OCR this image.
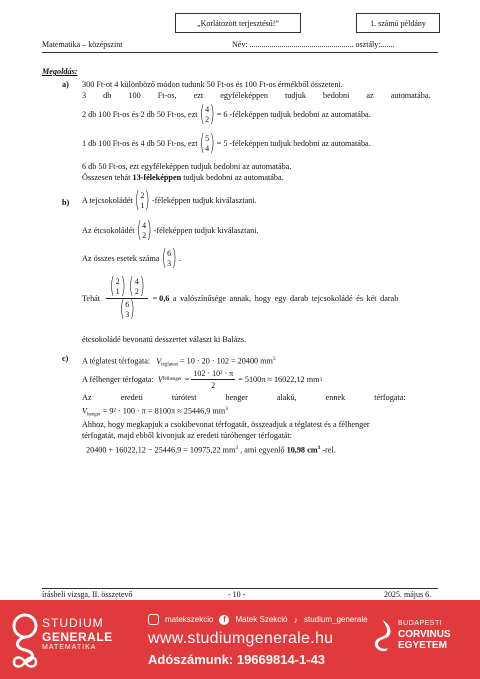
„Korlátozott terjesztésű!”	1. számú példány
Matematika – középszint	Név: .................................................... osztály:.......
Megoldás:
a) 300 Ft-ot 4 különböző módon tudunk 50 Ft-os és 100 Ft-os érmékből összeteni.
3 db 100 Ft-os, ezt egyféleképpen tudjuk bedobni az automatába.
2 db 100 Ft-os és 2 db 50 Ft-os, ezt ( 4
2 ) = 6 -féleképpen tudjuk bedobni az automatába.
1 db 100 Ft-os és 4 db 50 Ft-os, ezt ( 5
4 ) = 5 -féleképpen tudjuk bedobni az automatába.
6 db 50 Ft-os, ezt egyféleképpen tudjuk bedobni az automatába.
Összesen tehát 13-féleképpen tudjuk bedobni az automatába.
b) A tejcsokoládét ( 2
1 ) -féleképpen tudjuk kiválasztani.
Az étcsokoládét ( 4
2 ) -féleképpen tudjuk kiválasztani.
Az összes esetek száma ( 6
3 ) .
Tehát ( 2
1 ) ( 4
2 )
( 6
3 ) = 0,6 a valószínűsége annak, hogy egy darab tejcsokoládé és két darab
étcsokoládé bevonatú desszertet választ ki Balázs.
c) A téglatest térfogata: $V_{téglatest} = 10 \cdot 20 \cdot 102 = 20400$ $mm^3$
A félhenger térfogata: V félhenger = $\frac{\text{102 · 10² · π}}{2} = 5100\pi \approx 16022,12$ mm 3
Az eredeti túrótest henger alakú, ennek térfogata:
$V_{henger} = 9^2 \cdot 100 \cdot \pi = 8100\pi \approx 25446,9$ $mm^3$
Ahhoz, hogy megkapjuk a csokibevonat térfogatát, összeadjuk a téglatest és a félhenger
térfogatát, majd ebből kivonjuk az eredeti túróhenger térfogatát:
20400 + 16022,12 − 25446,9 = 10975,22 $mm^3$ , ami egyenlő 10,98 $cm^3$ -rel.
írásbeli vizsga, II. összetevő	- 10 -	2025. május 6.
STUDIUM
GENERALE
MATEMATIKA
matekszekcio	f	Matek Szekció ♪ studium_generale
www.studiumgenerale.hu
Adószámunk: 19669814-1-43
BUDAPESTI
CORVINUS
EGYETEM
